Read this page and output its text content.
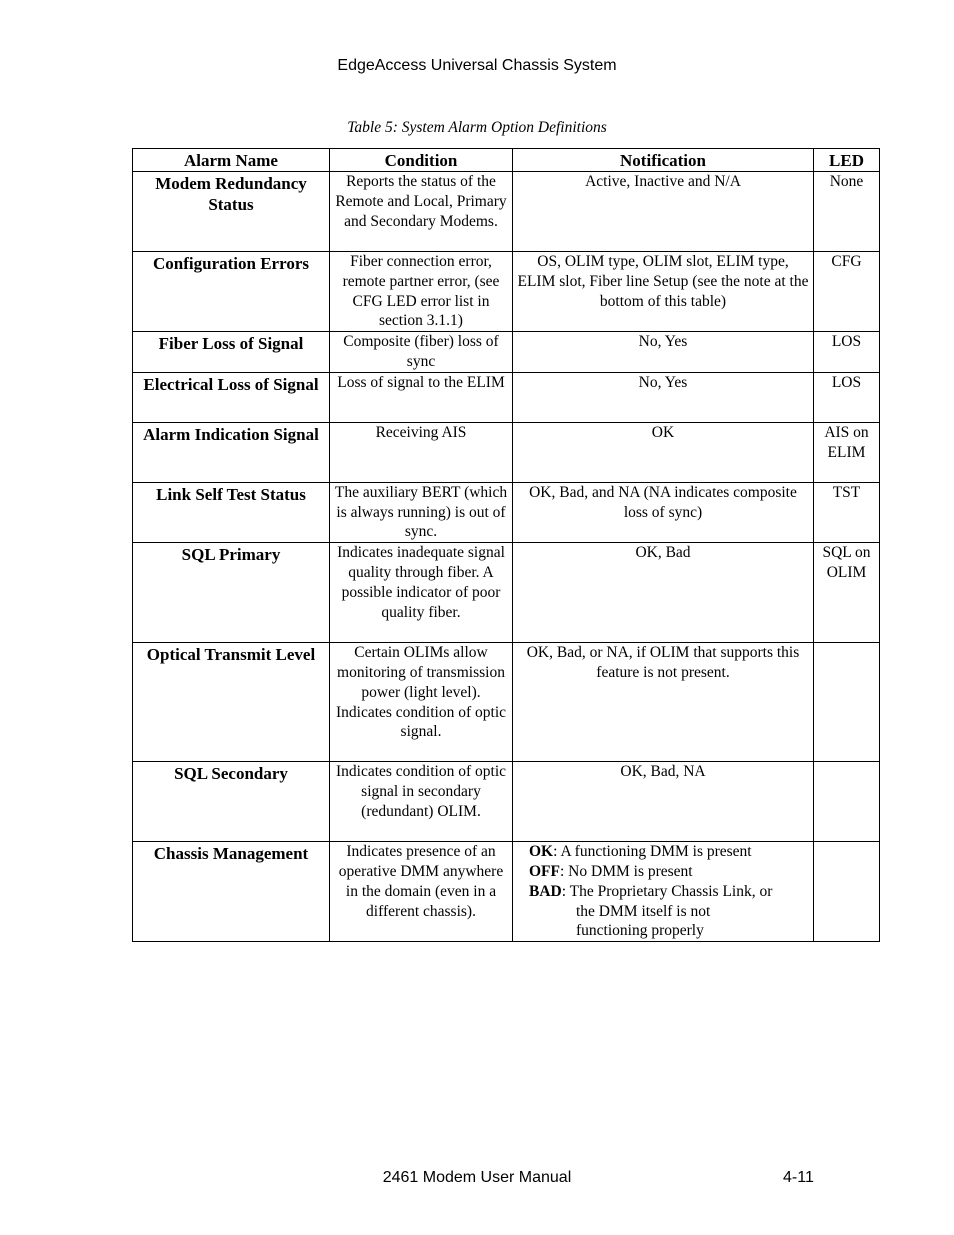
EdgeAccess Universal Chassis System
Table 5: System Alarm Option Definitions
Alarm Name	Condition	Notification	LED
Modem Redundancy Status	Reports the status of the Remote and Local, Primary and Secondary Modems.	Active, Inactive and N/A	None
Configuration Errors	Fiber connection error, remote partner error, (see CFG LED error list in section 3.1.1)	OS, OLIM type, OLIM slot, ELIM type, ELIM slot, Fiber line Setup (see the note at the bottom of this table)	CFG
Fiber Loss of Signal	Composite (fiber) loss of sync	No, Yes	LOS
Electrical Loss of Signal	Loss of signal to the ELIM	No, Yes	LOS
Alarm Indication Signal	Receiving AIS	OK	AIS on ELIM
Link Self Test Status	The auxiliary BERT (which is always running) is out of sync.	OK, Bad, and NA (NA indicates composite loss of sync)	TST
SQL Primary	Indicates inadequate signal quality through fiber. A possible indicator of poor quality fiber.	OK, Bad	SQL on OLIM
Optical Transmit Level	Certain OLIMs allow monitoring of transmission power (light level). Indicates condition of optic signal.	OK, Bad, or NA, if OLIM that supports this feature is not present.	
SQL Secondary	Indicates condition of optic signal in secondary (redundant) OLIM.	OK, Bad, NA	
Chassis Management	Indicates presence of an operative DMM anywhere in the domain (even in a different chassis).	OK: A functioning DMM is present
OFF: No DMM is present
BAD: The Proprietary Chassis Link, or
the DMM itself is not
functioning properly	

2461 Modem User Manual	4-11
